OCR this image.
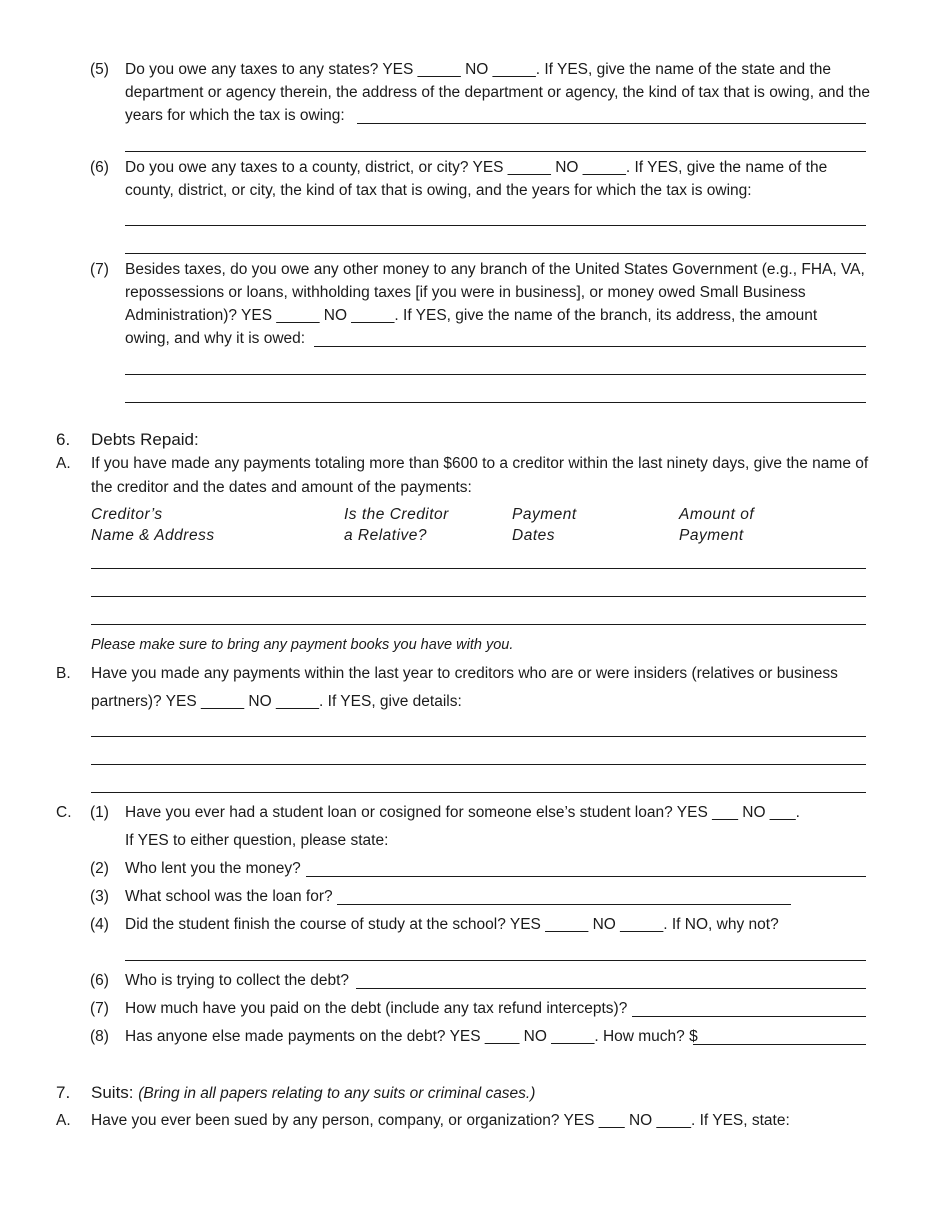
(5) Do you owe any taxes to any states? YES _____ NO _____. If YES, give the name of the state and the
department or agency therein, the address of the department or agency, the kind of tax that is owing, and the
years for which the tax is owing:
(6) Do you owe any taxes to a county, district, or city? YES _____ NO _____. If YES, give the name of the
county, district, or city, the kind of tax that is owing, and the years for which the tax is owing:
(7) Besides taxes, do you owe any other money to any branch of the United States Government (e.g., FHA, VA,
repossessions or loans, withholding taxes [if you were in business], or money owed Small Business
Administration)? YES _____ NO _____. If YES, give the name of the branch, its address, the amount
owing, and why it is owed:
6. Debts Repaid:
A. If you have made any payments totaling more than $600 to a creditor within the last ninety days, give the name of
the creditor and the dates and amount of the payments:
Creditor’s
Name & Address
Is the Creditor
a Relative?
Payment
Dates
Amount of
Payment
Please make sure to bring any payment books you have with you.
B. Have you made any payments within the last year to creditors who are or were insiders (relatives or business
partners)? YES _____ NO _____. If YES, give details:
C. (1) Have you ever had a student loan or cosigned for someone else’s student loan? YES ___ NO ___.
If YES to either question, please state:
(2) Who lent you the money?
(3) What school was the loan for?
(4) Did the student finish the course of study at the school? YES _____ NO _____. If NO, why not?
(6) Who is trying to collect the debt?
(7) How much have you paid on the debt (include any tax refund intercepts)?
(8) Has anyone else made payments on the debt? YES ____ NO _____. How much? $
7. Suits: (Bring in all papers relating to any suits or criminal cases.)
A. Have you ever been sued by any person, company, or organization? YES ___ NO ____. If YES, state:
